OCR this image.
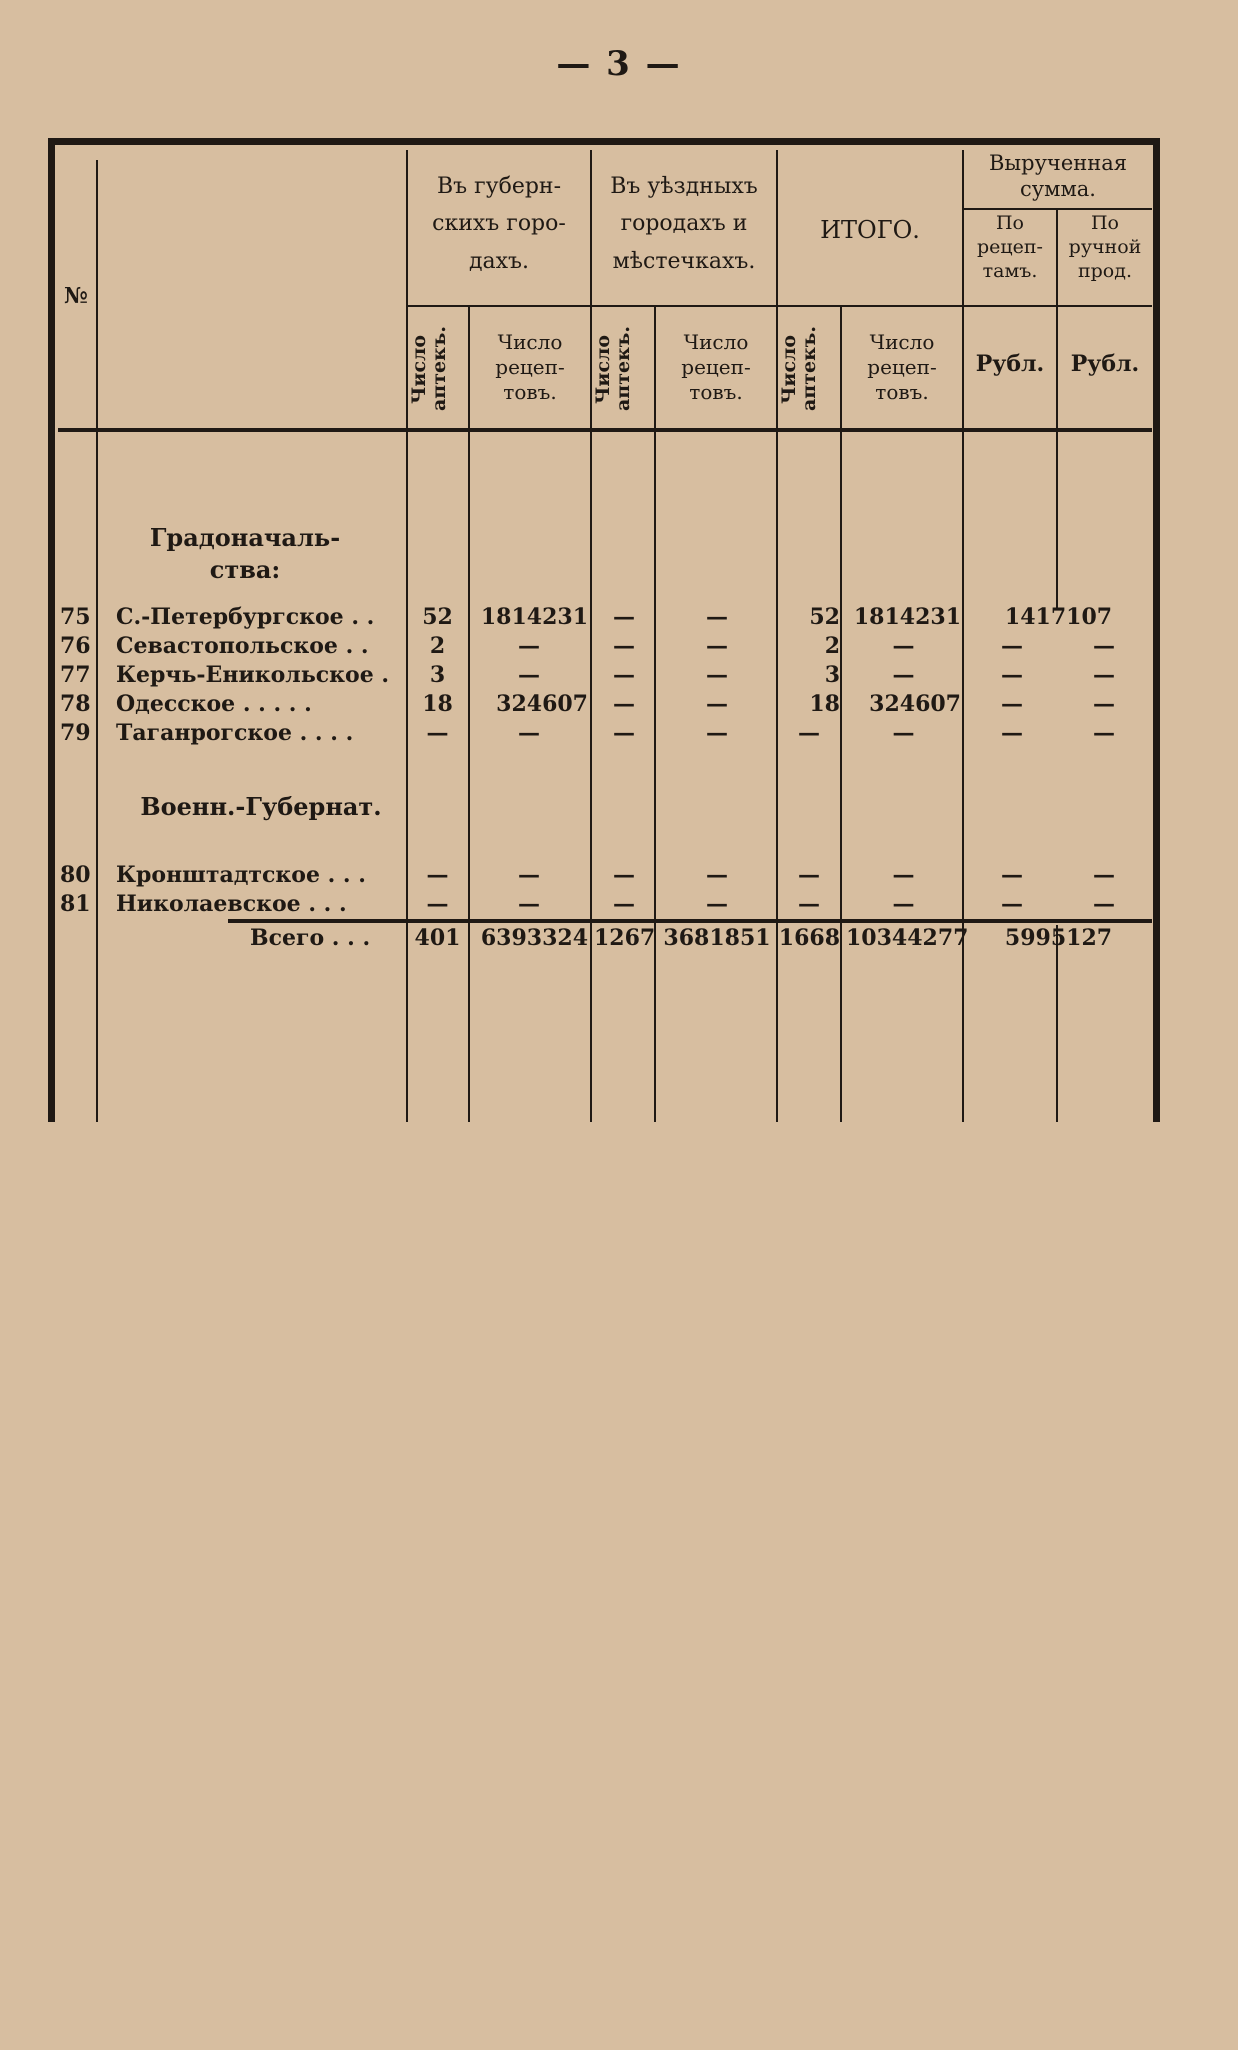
— 3 —
№
Въ губерн-
скихъ горо-
дахъ.
Въ уѣздныхъ
городахъ и
мѣстечкахъ.
ИТОГО.
Вырученная
сумма.
По
рецеп-
тамъ.
По
ручной
прод.
Число
аптекъ.	Число
рецеп-
товъ.	Число
аптекъ.	Число
рецеп-
товъ.	Число
аптекъ.	Число
рецеп-
товъ.
Рубл.	Рубл.
Градоначаль-
ства:
Военн.-Губернат.
75 С.-Петербургское . .	52	1814231	—	—	52 1814231	1417107
76 Севастопольское . .	2	—	—	—	2	—	—	—
77 Керчь-Еникольское .	3	—	—	—	3	—	—	—
78 Одесское . . . . .	18	324607	—	—	18	324607	—	—
79 Таганрогское . . . .	—	—	—	—	—	—	—	—
80 Кронштадтское . . .	—	—	—	—	—	—	—	—
81 Николаевское . . .	—	—	—	—	—	—	—	—
Всего . . .	401 6393324 1267 3681851 1668 10344277	5995127
